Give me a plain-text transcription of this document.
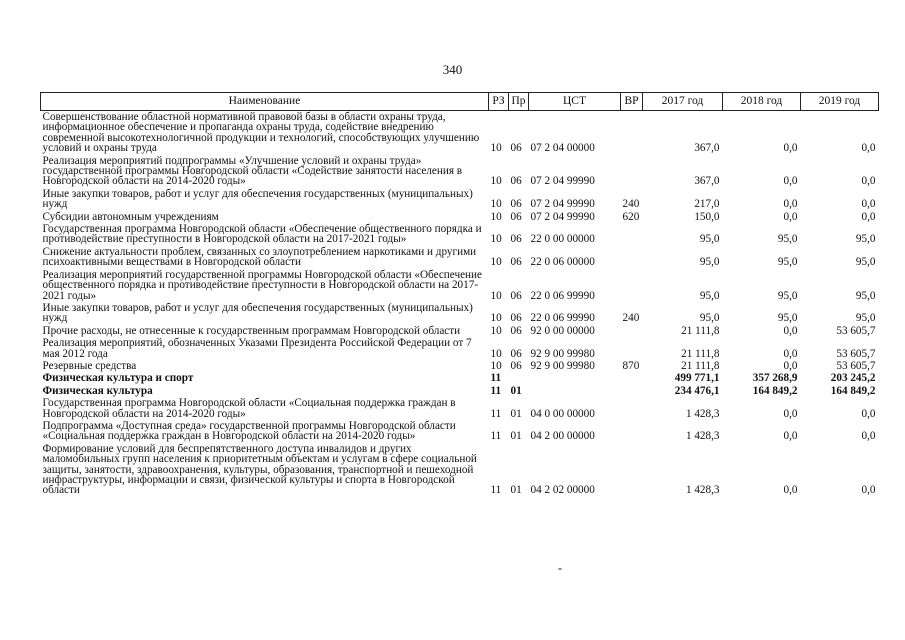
340
Наименование	РЗ	Пр	ЦСТ	ВР	2017 год	2018 год	2019 год
Совершенствование областной нормативной правовой базы в области охраны труда, информационное обеспечение и пропаганда охраны труда, содействие внедрению современной высокотехнологичной продукции и технологий, способствующих улучшению условий и охраны труда	10	06	07 2 04 00000		367,0	0,0	0,0
Реализация мероприятий подпрограммы «Улучшение условий и охраны труда» государственной программы Новгородской области «Содействие занятости населения в Новгородской области на 2014-2020 годы»	10	06	07 2 04 99990		367,0	0,0	0,0
Иные закупки товаров, работ и услуг для обеспечения государственных (муниципальных) нужд	10	06	07 2 04 99990	240	217,0	0,0	0,0
Субсидии автономным учреждениям	10	06	07 2 04 99990	620	150,0	0,0	0,0
Государственная программа Новгородской области «Обеспечение общественного порядка и противодействие преступности в Новгородской области на 2017-2021 годы»	10	06	22 0 00 00000		95,0	95,0	95,0
Снижение актуальности проблем, связанных со злоупотреблением наркотиками и другими психоактивными веществами в Новгородской области	10	06	22 0 06 00000		95,0	95,0	95,0
Реализация мероприятий государственной программы Новгородской области «Обеспечение общественного порядка и противодействие преступности в Новгородской области на 2017-2021 годы»	10	06	22 0 06 99990		95,0	95,0	95,0
Иные закупки товаров, работ и услуг для обеспечения государственных (муниципальных) нужд	10	06	22 0 06 99990	240	95,0	95,0	95,0
Прочие расходы, не отнесенные к государственным программам Новгородской области	10	06	92 0 00 00000		21 111,8	0,0	53 605,7
Реализация мероприятий, обозначенных Указами Президента Российской Федерации от 7 мая 2012 года	10	06	92 9 00 99980		21 111,8	0,0	53 605,7
Резервные средства	10	06	92 9 00 99980	870	21 111,8	0,0	53 605,7
Физическая культура и спорт	11				499 771,1	357 268,9	203 245,2
Физическая культура	11	01			234 476,1	164 849,2	164 849,2
Государственная программа Новгородской области «Социальная поддержка граждан в Новгородской области на 2014-2020 годы»	11	01	04 0 00 00000		1 428,3	0,0	0,0
Подпрограмма «Доступная среда» государственной программы Новгородской области «Социальная поддержка граждан в Новгородской области на 2014-2020 годы»	11	01	04 2 00 00000		1 428,3	0,0	0,0
Формирование условий для беспрепятственного доступа инвалидов и других маломобильных групп населения к приоритетным объектам и услугам в сфере социальной защиты, занятости, здравоохранения, культуры, образования, транспортной и пешеходной инфраструктуры, информации и связи, физической культуры и спорта в Новгородской области	11	01	04 2 02 00000		1 428,3	0,0	0,0
-
